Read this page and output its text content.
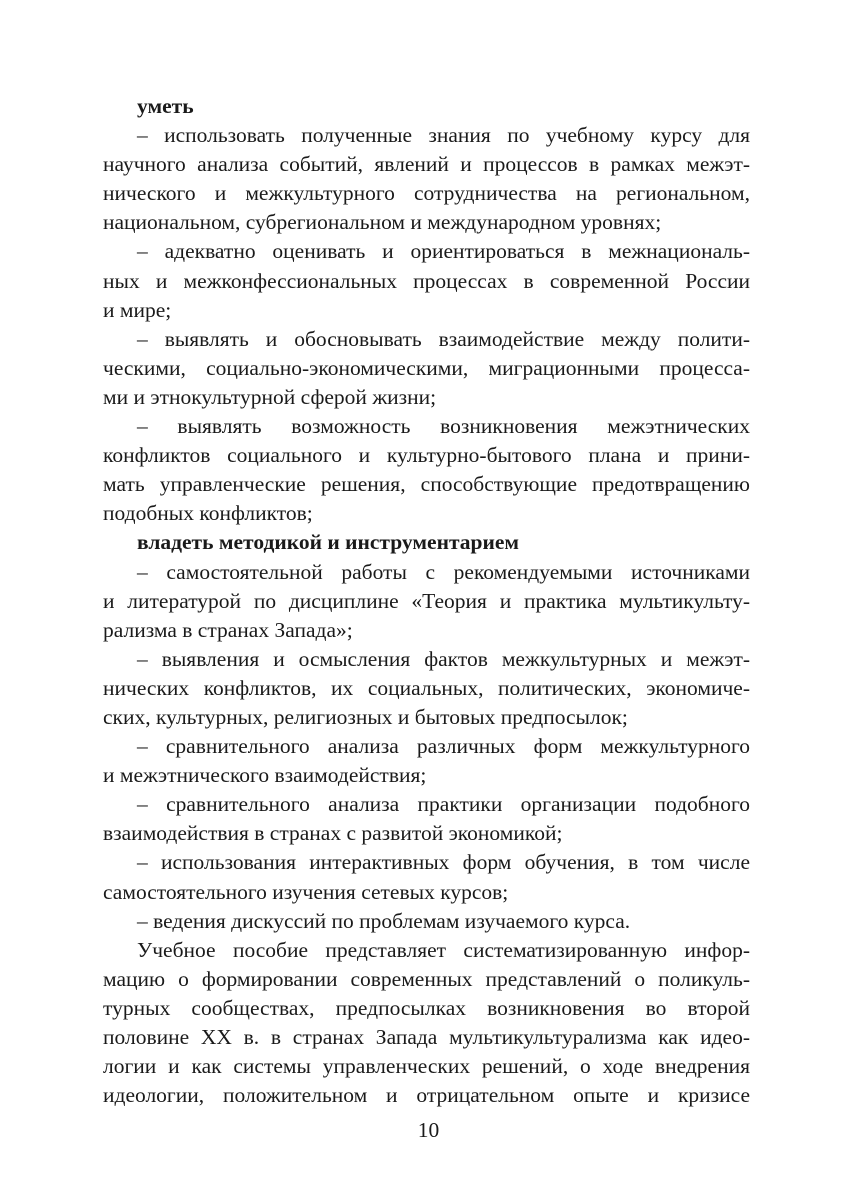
уметь
– использовать полученные знания по учебному курсу для
научного анализа событий, явлений и процессов в рамках межэт-
нического и межкультурного сотрудничества на региональном,
национальном, субрегиональном и международном уровнях;
– адекватно оценивать и ориентироваться в межнациональ-
ных и межконфессиональных процессах в современной России
и мире;
– выявлять и обосновывать взаимодействие между полити-
ческими, социально-экономическими, миграционными процесса-
ми и этнокультурной сферой жизни;
– выявлять возможность возникновения межэтнических
конфликтов социального и культурно-бытового плана и прини-
мать управленческие решения, способствующие предотвращению
подобных конфликтов;
владеть методикой и инструментарием
– самостоятельной работы с рекомендуемыми источниками
и литературой по дисциплине «Теория и практика мультикульту-
рализма в странах Запада»;
– выявления и осмысления фактов межкультурных и межэт-
нических конфликтов, их социальных, политических, экономиче-
ских, культурных, религиозных и бытовых предпосылок;
– сравнительного анализа различных форм межкультурного
и межэтнического взаимодействия;
– сравнительного анализа практики организации подобного
взаимодействия в странах с развитой экономикой;
– использования интерактивных форм обучения, в том числе
самостоятельного изучения сетевых курсов;
– ведения дискуссий по проблемам изучаемого курса.
Учебное пособие представляет систематизированную инфор-
мацию о формировании современных представлений о поликуль-
турных сообществах, предпосылках возникновения во второй
половине XX в. в странах Запада мультикультурализма как идео-
логии и как системы управленческих решений, о ходе внедрения
идеологии, положительном и отрицательном опыте и кризисе
10
